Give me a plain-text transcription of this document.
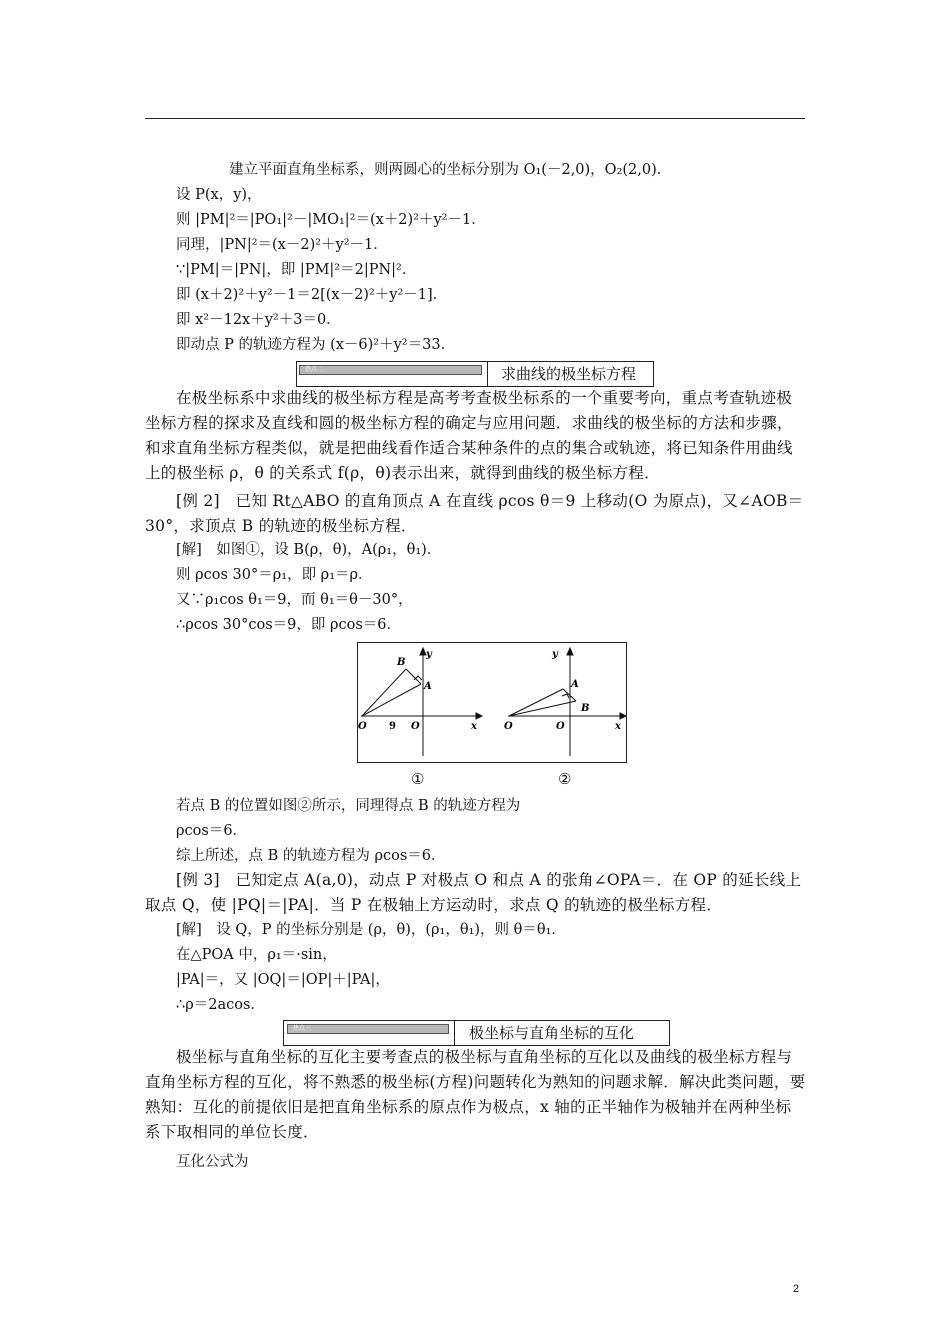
建立平面直角坐标系，则两圆心的坐标分别为 O₁(－2,0)，O₂(2,0)．
设 P(x，y)，
则 |PM|²＝|PO₁|²－|MO₁|²＝(x＋2)²＋y²－1．
同理，|PN|²＝(x－2)²＋y²－1．
∵|PM|＝|PN|，即 |PM|²＝2|PN|²．
即 (x＋2)²＋y²－1＝2[(x－2)²＋y²－1]．
即 x²－12x＋y²＋3＝0．
即动点 P 的轨迹方程为 (x－6)²＋y²＝33．
热点二	求曲线的极坐标方程
在极坐标系中求曲线的极坐标方程是高考考查极坐标系的一个重要考向，重点考查轨迹极坐标方程的探求及直线和圆的极坐标方程的确定与应用问题．求曲线的极坐标的方法和步骤，和求直角坐标方程类似，就是把曲线看作适合某种条件的点的集合或轨迹，将已知条件用曲线上的极坐标 ρ，θ 的关系式 f(ρ，θ)表示出来，就得到曲线的极坐标方程．
[例 2]　已知 Rt△ABO 的直角顶点 A 在直线 ρcos θ＝9 上移动(O 为原点)，又∠AOB＝30°，求顶点 B 的轨迹的极坐标方程．
[解]　如图①，设 B(ρ，θ)，A(ρ₁，θ₁)．
则 ρcos 30°＝ρ₁，即 ρ₁＝ρ．
又∵ρ₁cos θ₁＝9，而 θ₁＝θ－30°，
∴ρcos 30°cos＝9，即 ρcos＝6．
B
A
y
O 9 O	x
y
A
B
O	O	x
①	②
若点 B 的位置如图②所示，同理得点 B 的轨迹方程为
ρcos＝6．
综上所述，点 B 的轨迹方程为 ρcos＝6．
[例 3]　已知定点 A(a,0)，动点 P 对极点 O 和点 A 的张角∠OPA＝．在 OP 的延长线上取点 Q，使 |PQ|＝|PA|．当 P 在极轴上方运动时，求点 Q 的轨迹的极坐标方程．
[解]　设 Q，P 的坐标分别是 (ρ，θ)，(ρ₁，θ₁)，则 θ＝θ₁．
在△POA 中，ρ₁＝·sin，
|PA|＝，又 |OQ|＝|OP|＋|PA|，
∴ρ＝2acos．
热点三	极坐标与直角坐标的互化
极坐标与直角坐标的互化主要考查点的极坐标与直角坐标的互化以及曲线的极坐标方程与直角坐标方程的互化，将不熟悉的极坐标(方程)问题转化为熟知的问题求解．解决此类问题，要熟知：互化的前提依旧是把直角坐标系的原点作为极点，x 轴的正半轴作为极轴并在两种坐标系下取相同的单位长度．
互化公式为
2
